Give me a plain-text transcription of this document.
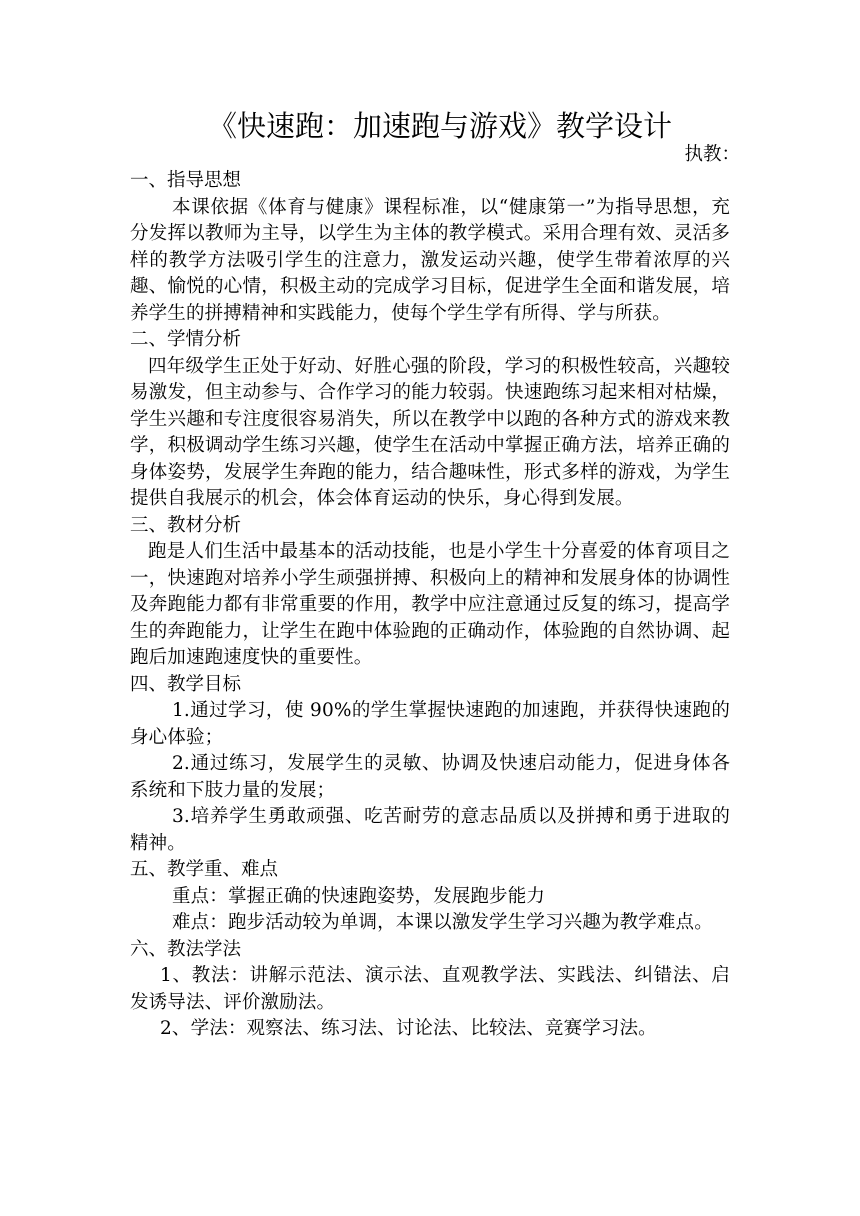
《快速跑：加速跑与游戏》教学设计

执教：

一、指导思想

本课依据《体育与健康》课程标准，以“健康第一”为指导思想，充分发挥以教师为主导，以学生为主体的教学模式。采用合理有效、灵活多样的教学方法吸引学生的注意力，激发运动兴趣，使学生带着浓厚的兴趣、愉悦的心情，积极主动的完成学习目标，促进学生全面和谐发展，培养学生的拼搏精神和实践能力，使每个学生学有所得、学与所获。

二、学情分析

四年级学生正处于好动、好胜心强的阶段，学习的积极性较高，兴趣较易激发，但主动参与、合作学习的能力较弱。快速跑练习起来相对枯燥，学生兴趣和专注度很容易消失，所以在教学中以跑的各种方式的游戏来教学，积极调动学生练习兴趣，使学生在活动中掌握正确方法，培养正确的身体姿势，发展学生奔跑的能力，结合趣味性，形式多样的游戏，为学生提供自我展示的机会，体会体育运动的快乐，身心得到发展。

三、教材分析

跑是人们生活中最基本的活动技能，也是小学生十分喜爱的体育项目之一，快速跑对培养小学生顽强拼搏、积极向上的精神和发展身体的协调性及奔跑能力都有非常重要的作用，教学中应注意通过反复的练习，提高学生的奔跑能力，让学生在跑中体验跑的正确动作，体验跑的自然协调、起跑后加速跑速度快的重要性。

四、教学目标

1.通过学习，使 90%的学生掌握快速跑的加速跑，并获得快速跑的身心体验；

2.通过练习，发展学生的灵敏、协调及快速启动能力，促进身体各系统和下肢力量的发展；

3.培养学生勇敢顽强、吃苦耐劳的意志品质以及拼搏和勇于进取的精神。

五、教学重、难点

重点：掌握正确的快速跑姿势，发展跑步能力

难点：跑步活动较为单调，本课以激发学生学习兴趣为教学难点。

六、教法学法

1、教法：讲解示范法、演示法、直观教学法、实践法、纠错法、启发诱导法、评价激励法。

2、学法：观察法、练习法、讨论法、比较法、竞赛学习法。
